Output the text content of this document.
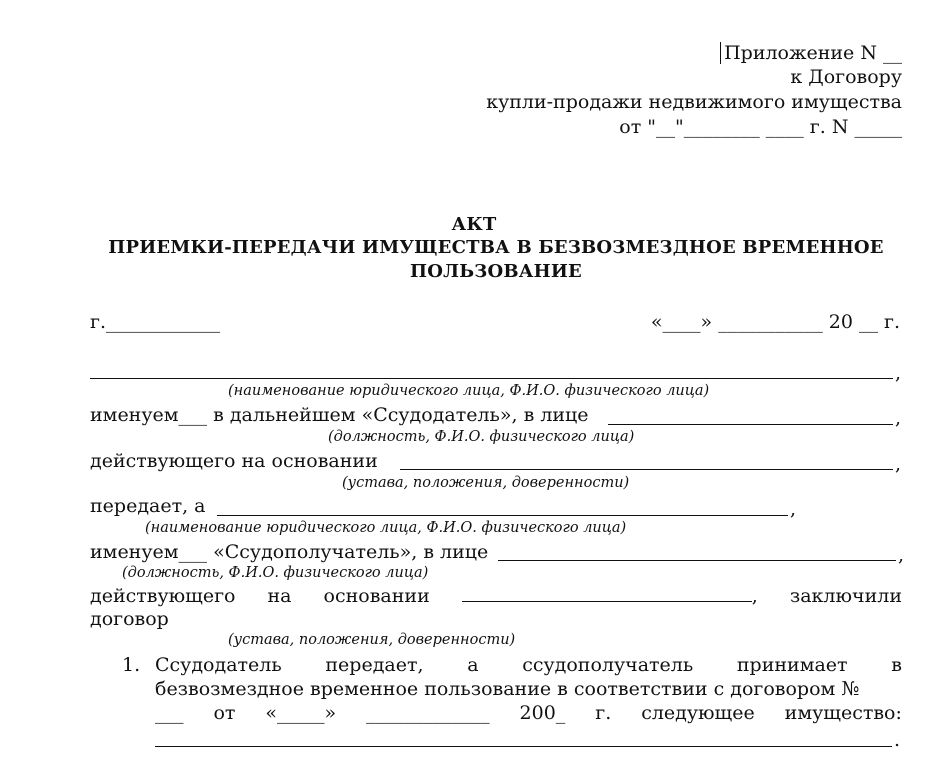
Приложение N __
к Договору
купли-продажи недвижимого имущества
от "__"________ ____ г. N _____
АКТ
ПРИЕМКИ-ПЕРЕДАЧИ ИМУЩЕСТВА В БЕЗВОЗМЕЗДНОЕ ВРЕМЕННОЕ
ПОЛЬЗОВАНИЕ
г.____________	«____» ___________ 20 __ г.
,
(наименование юридического лица, Ф.И.О. физического лица)
именуем___ в дальнейшем «Ссудодатель», в лице	,
(должность, Ф.И.О. физического лица)
действующего на основании	,
(устава, положения, доверенности)
передает, а	,
(наименование юридического лица, Ф.И.О. физического лица)
именуем___ «Ссудополучатель», в лице	,
(должность, Ф.И.О. физического лица)
действующего на основании	, заключили
договор
(устава, положения, доверенности)
1. Ссудодатель передает, а ссудополучатель принимает в
безвозмездное временное пользование в соответствии с договором №
___ от «_____» _____________ 200_ г. следующее имущество:
.
